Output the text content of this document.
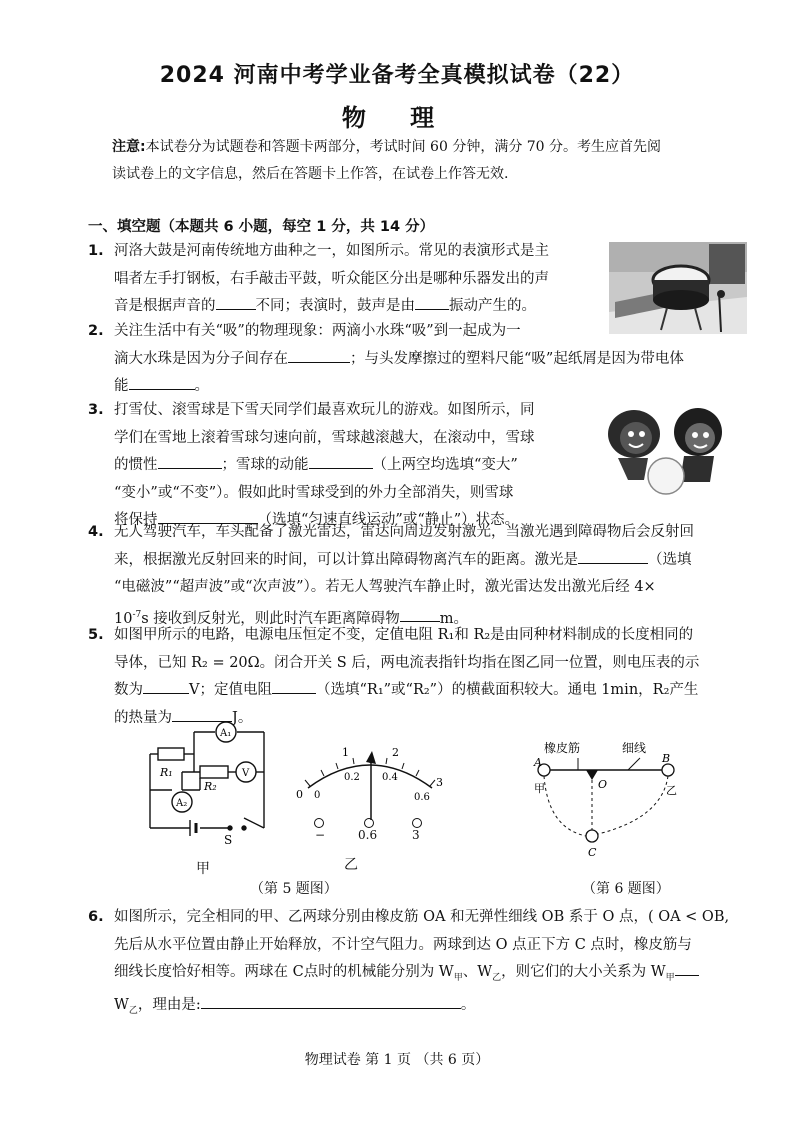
2024 河南中考学业备考全真模拟试卷（22）
物 理
注意:本试卷分为试题卷和答题卡两部分，考试时间 60 分钟，满分 70 分。考生应首先阅
读试卷上的文字信息，然后在答题卡上作答，在试卷上作答无效.
一、填空题（本题共 6 小题，每空 1 分，共 14 分）
1. 河洛大鼓是河南传统地方曲种之一，如图所示。常见的表演形式是主
唱者左手打钢板，右手敲击平鼓，听众能区分出是哪种乐器发出的声
音是根据声音的	不同；表演时，鼓声是由 振动产生的。
2. 关注生活中有关“吸”的物理现象：两滴小水珠“吸”到一起成为一
滴大水珠是因为分子间存在	；与头发摩擦过的塑料尺能“吸”起纸屑是因为带电体
能	。
3. 打雪仗、滚雪球是下雪天同学们最喜欢玩儿的游戏。如图所示，同
学们在雪地上滚着雪球匀速向前，雪球越滚越大，在滚动中，雪球
的惯性	；雪球的动能	（上两空均选填“变大”
“变小”或“不变”）。假如此时雪球受到的外力全部消失，则雪球
将保持	（选填“匀速直线运动”或“静止”）状态。
4. 无人驾驶汽车，车头配备了激光雷达，雷达向周边发射激光，当激光遇到障碍物后会反射回
来，根据激光反射回来的时间，可以计算出障碍物离汽车的距离。激光是	（选填
“电磁波”“超声波”或“次声波”）。若无人驾驶汽车静止时，激光雷达发出激光后经 4×
$10^{-7}s$ 接收到反射光，则此时汽车距离障碍物	m。
5. 如图甲所示的电路，电源电压恒定不变，定值电阻 R₁和 R₂是由同种材料制成的长度相同的
导体，已知 R₂ = 20Ω。闭合开关 S 后，两电流表指针均指在图乙同一位置，则电压表的示
数为	V；定值电阻	（选填“R₁”或“R₂”）的横截面积较大。通电 1min，R₂产生
的热量为	J。
A₁
V
A₂
R₁
R₂
S
甲
0
1	2
3
0
0.2 0.4
0.6
−	0.6	3
乙
（第 5 题图）
橡皮筋	细线
A	B
O
C
甲	乙
（第 6 题图）
6. 如图所示，完全相同的甲、乙两球分别由橡皮筋 OA 和无弹性细线 OB 系于 O 点，( OA < OB,
先后从水平位置由静止开始释放，不计空气阻力。两球到达 O 点正下方 C 点时，橡皮筋与
细线长度恰好相等。两球在 C点时的机械能分别为 $W_甲$、$W_乙$，则它们的大小关系为 $W_甲$
$W_乙$，理由是:	。
物理试卷 第 1 页 （共 6 页）
